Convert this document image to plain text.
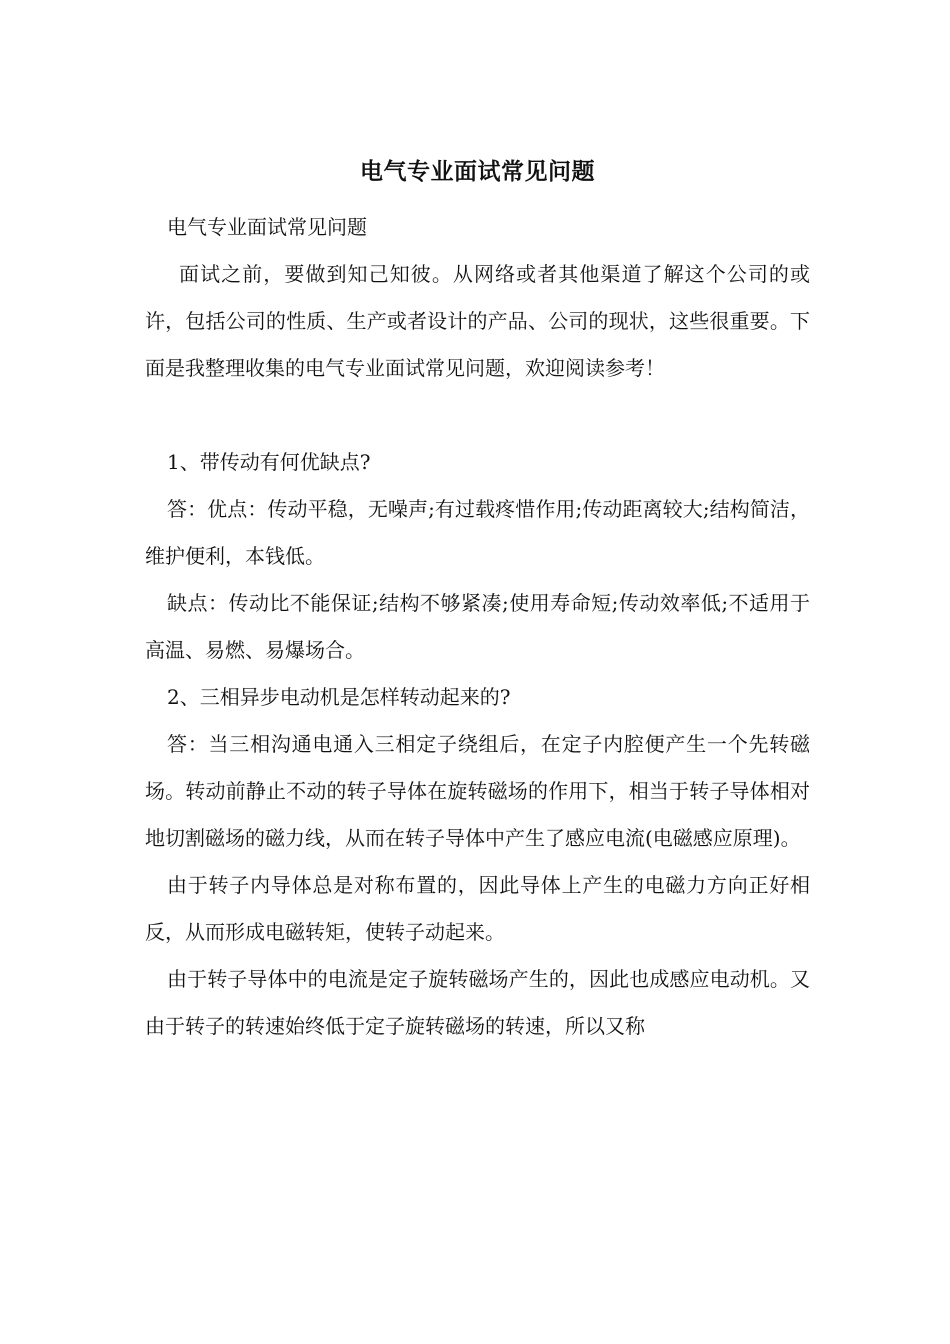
电气专业面试常见问题

电气专业面试常见问题

面试之前，要做到知己知彼。从网络或者其他渠道了解这个公司的或许，包括公司的性质、生产或者设计的产品、公司的现状，这些很重要。下面是我整理收集的电气专业面试常见问题，欢迎阅读参考！

1、带传动有何优缺点?

答：优点：传动平稳，无噪声;有过载疼惜作用;传动距离较大;结构简洁，维护便利，本钱低。

缺点：传动比不能保证;结构不够紧凑;使用寿命短;传动效率低;不适用于高温、易燃、易爆场合。

2、三相异步电动机是怎样转动起来的?

答：当三相沟通电通入三相定子绕组后，在定子内腔便产生一个先转磁场。转动前静止不动的转子导体在旋转磁场的作用下，相当于转子导体相对地切割磁场的磁力线，从而在转子导体中产生了感应电流(电磁感应原理)。

由于转子内导体总是对称布置的，因此导体上产生的电磁力方向正好相反，从而形成电磁转矩，使转子动起来。

由于转子导体中的电流是定子旋转磁场产生的，因此也成感应电动机。又由于转子的转速始终低于定子旋转磁场的转速，所以又称
